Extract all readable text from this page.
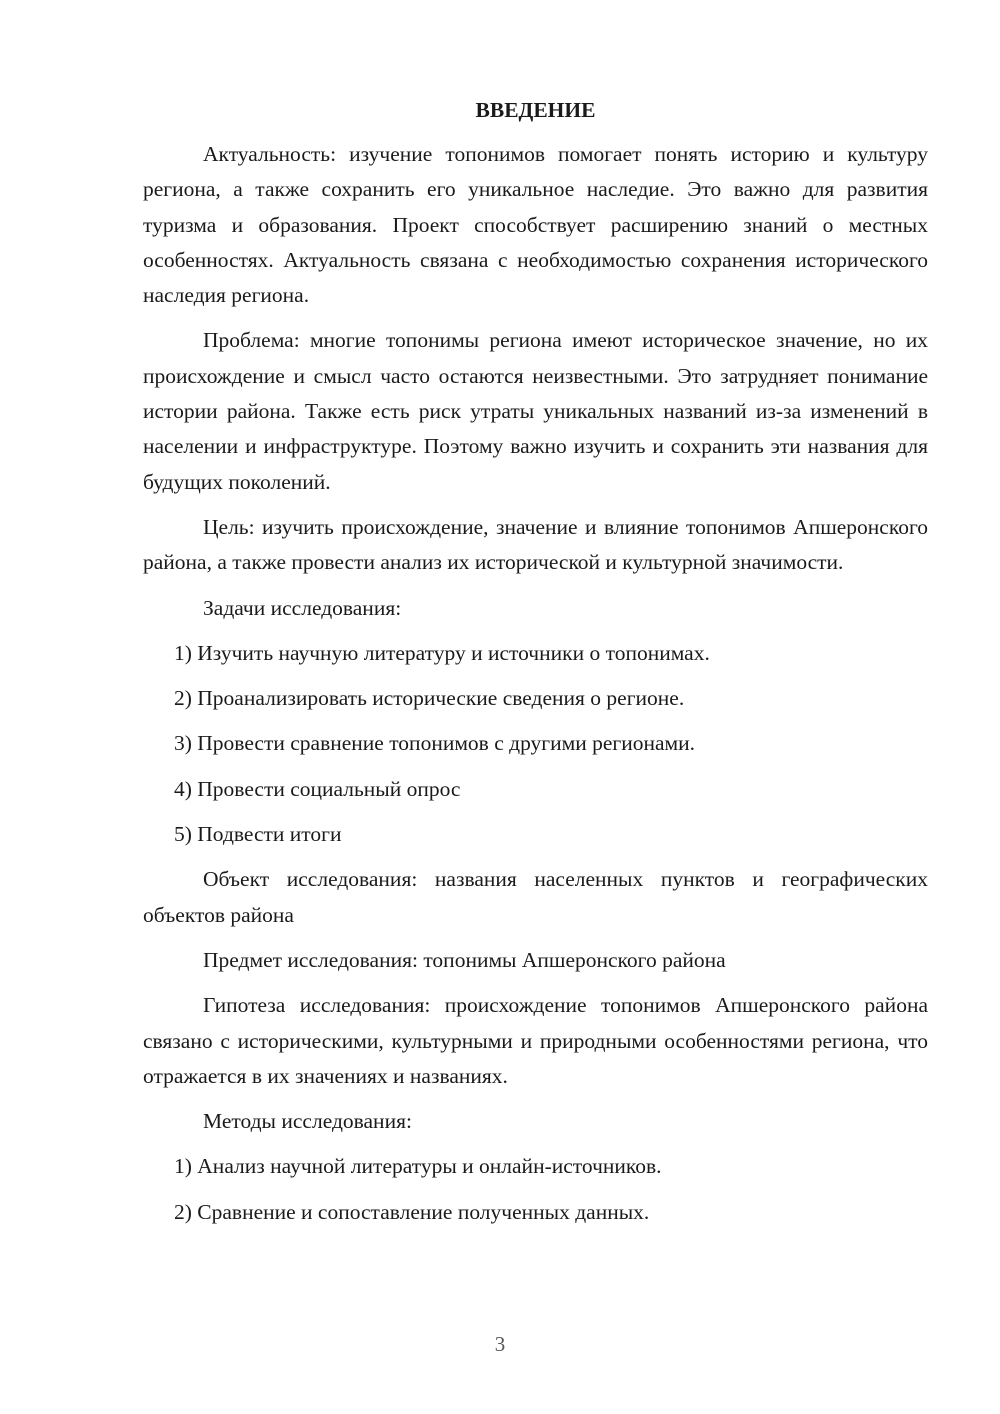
ВВЕДЕНИЕ
Актуальность: изучение топонимов помогает понять историю и культуру региона, а также сохранить его уникальное наследие. Это важно для развития туризма и образования. Проект способствует расширению знаний о местных особенностях. Актуальность связана с необходимостью сохранения исторического наследия региона.
Проблема: многие топонимы региона имеют историческое значение, но их происхождение и смысл часто остаются неизвестными. Это затрудняет понимание истории района. Также есть риск утраты уникальных названий из-за изменений в населении и инфраструктуре. Поэтому важно изучить и сохранить эти названия для будущих поколений.
Цель: изучить происхождение, значение и влияние топонимов Апшеронского района, а также провести анализ их исторической и культурной значимости.
Задачи исследования:
1) Изучить научную литературу и источники о топонимах.
2) Проанализировать исторические сведения о регионе.
3) Провести сравнение топонимов с другими регионами.
4) Провести социальный опрос
5) Подвести итоги
Объект исследования: названия населенных пунктов и географических объектов района
Предмет исследования: топонимы Апшеронского района
Гипотеза исследования: происхождение топонимов Апшеронского района связано с историческими, культурными и природными особенностями региона, что отражается в их значениях и названиях.
Методы исследования:
1) Анализ научной литературы и онлайн-источников.
2) Сравнение и сопоставление полученных данных.
3
